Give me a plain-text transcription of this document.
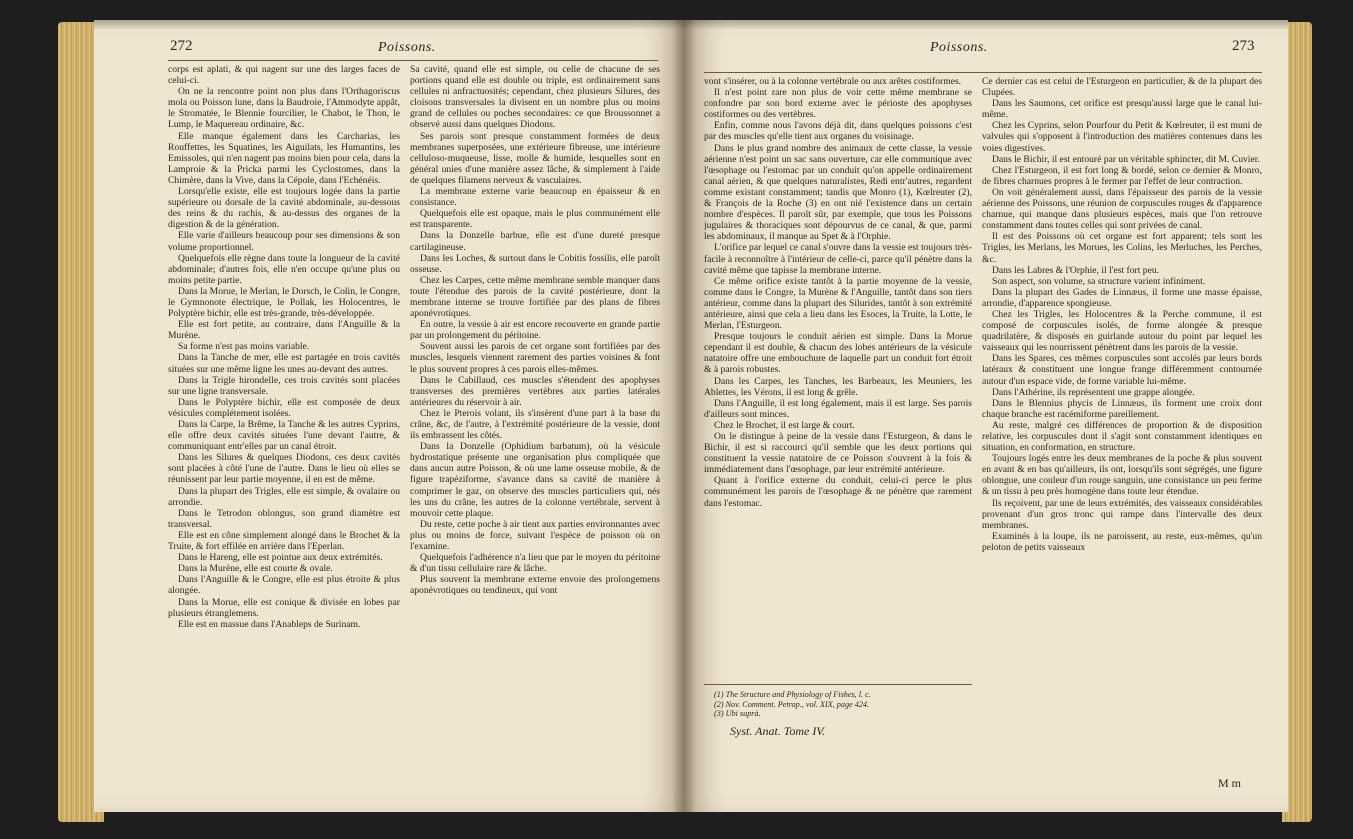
272	Poissons.

corps est aplati, & qui nagent sur une des larges faces de celui-ci.

On ne la rencontre point non plus dans l'Orthagoriscus mola ou Poisson lune, dans la Baudroie, l'Ammodyte appât, le Stromatée, le Blennie fourcilier, le Chabot, le Thon, le Lump, le Maquereau ordinaire, &c.

Elle manque également dans les Carcharias, les Rouffettes, les Squatines, les Aiguilats, les Humantins, les Emissoles, qui n'en nagent pas moins bien pour cela, dans la Lamproie & la Pricka parmi les Cyclostomes, dans la Chimère, dans la Vive, dans la Cépole, dans l'Echénéis.

Lorsqu'elle existe, elle est toujours logée dans la partie supérieure ou dorsale de la cavité abdominale, au-dessous des reins & du rachis, & au-dessus des organes de la digestion & de la génération.

Elle varie d'ailleurs beaucoup pour ses dimensions & son volume proportionnel.

Quelquefois elle règne dans toute la longueur de la cavité abdominale; d'autres fois, elle n'en occupe qu'une plus ou moins petite partie.

Dans la Morue, le Merlan, le Dorsch, le Colin, le Congre, le Gymnonote électrique, le Pollak, les Holocentres, le Polyptère bichir, elle est très-grande, très-développée.

Elle est fort petite, au contraire, dans l'Anguille & la Murène.

Sa forme n'est pas moins variable.

Dans la Tanche de mer, elle est partagée en trois cavités situées sur une même ligne les unes au-devant des autres.

Dans la Trigle hirondelle, ces trois cavités sont placées sur une ligne transversale.

Dans le Polyptère bichir, elle est composée de deux vésicules complétement isolées.

Dans la Carpe, la Brême, la Tanche & les autres Cyprins, elle offre deux cavités situées l'une devant l'autre, & communiquant entr'elles par un canal étroit.

Dans les Silures & quelques Diodons, ces deux cavités sont placées à côté l'une de l'autre. Dans le lieu où elles se réunissent par leur partie moyenne, il en est de même.

Dans la plupart des Trigles, elle est simple, & ovalaire ou arrondie.

Dans le Tetrodon oblongus, son grand diamètre est transversal.

Elle est en cône simplement alongé dans le Brochet & la Truite, & fort effilée en arrière dans l'Eperlan.

Dans le Hareng, elle est pointue aux deux extrémités.

Dans la Murène, elle est courte & ovale.

Dans l'Anguille & le Congre, elle est plus étroite & plus alongée.

Dans la Morue, elle est conique & divisée en lobes par plusieurs étranglemens.

Elle est en massue dans l'Anableps de Surinam.

Sa cavité, quand elle est simple, ou celle de chacune de ses portions quand elle est double ou triple, est ordinairement sans cellules ni anfractuosités; cependant, chez plusieurs Silures, des cloisons transversales la divisent en un nombre plus ou moins grand de cellules ou poches secondaires: ce que Broussonnet a observé aussi dans quelques Diodons.

Ses parois sont presque constamment formées de deux membranes superposées, une extérieure fibreuse, une intérieure celluloso-muqueuse, lisse, molle & humide, lesquelles sont en général unies d'une manière assez lâche, & simplement à l'aide de quelques filamens nerveux & vasculaires.

La membrane externe varie beaucoup en épaisseur & en consistance.

Quelquefois elle est opaque, mais le plus communément elle est transparente.

Dans la Donzelle barbue, elle est d'une dureté presque cartilagineuse.

Dans les Loches, & surtout dans le Cobitis fossilis, elle paroît osseuse.

Chez les Carpes, cette même membrane semble manquer dans toute l'étendue des parois de la cavité postérieure, dont la membrane interne se trouve fortifiée par des plans de fibres aponévrotiques.

En outre, la vessie à air est encore recouverte en grande partie par un prolongement du péritoine.

Souvent aussi les parois de cet organe sont fortifiées par des muscles, lesquels viennent rarement des parties voisines & font le plus souvent propres à ces parois elles-mêmes.

Dans le Cabillaud, ces muscles s'étendent des apophyses transverses des premières vertèbres aux parties latérales antérieures du réservoir à air.

Chez le Pterois volant, ils s'insèrent d'une part à la base du crâne, &c, de l'autre, à l'extrémité postérieure de la vessie, dont ils embrassent les côtés.

Dans la Donzelle (Ophidium barbatum), où la vésicule hydrostatique présente une organisation plus compliquée que dans aucun autre Poisson, & où une lame osseuse mobile, & de figure trapéziforme, s'avance dans sa cavité de manière à comprimer le gaz, on observe des muscles particuliers qui, nés les uns du crâne, les autres de la colonne vertébrale, servent à mouvoir cette plaque.

Du reste, cette poche à air tient aux parties environnantes avec plus ou moins de force, suivant l'espèce de poisson où on l'examine.

Quelquefois l'adhérence n'a lieu que par le moyen du péritoine & d'un tissu cellulaire rare & lâche.

Plus souvent la membrane externe envoie des prolongemens aponévrotiques ou tendineux, qui vont

Poissons.	273

vont s'insérer, ou à la colonne vertébrale ou aux arêtes costiformes.

Il n'est point rare non plus de voir cette même membrane se confondre par son bord externe avec le périoste des apophyses costiformes ou des vertèbres.

Enfin, comme nous l'avons déjà dit, dans quelques poissons c'est par des muscles qu'elle tient aux organes du voisinage.

Dans le plus grand nombre des animaux de cette classe, la vessie aérienne n'est point un sac sans ouverture, car elle communique avec l'œsophage ou l'estomac par un conduit qu'on appelle ordinairement canal aérien, & que quelques naturalistes, Redi entr'autres, regardent comme existant constamment; tandis que Monro (1), Kœlreuter (2), & François de la Roche (3) en ont nié l'existence dans un certain nombre d'espèces. Il paroît sûr, par exemple, que tous les Poissons jugulaires & thoraciques sont dépourvus de ce canal, & que, parmi les abdominaux, il manque au Spet & à l'Orphie.

L'orifice par lequel ce canal s'ouvre dans la vessie est toujours très-facile à reconnoître à l'intérieur de celle-ci, parce qu'il pénètre dans la cavité même que tapisse la membrane interne.

Ce même orifice existe tantôt à la partie moyenne de la vessie, comme dans le Congre, la Murène & l'Anguille, tantôt dans son tiers antérieur, comme dans la plupart des Silurides, tantôt à son extrémité antérieure, ainsi que cela a lieu dans les Esoces, la Truite, la Lotte, le Merlan, l'Esturgeon.

Presque toujours le conduit aérien est simple. Dans la Morue cependant il est double, & chacun des lobes antérieurs de la vésicule natatoire offre une embouchure de laquelle part un conduit fort étroit & à parois robustes.

Dans les Carpes, les Tanches, les Barbeaux, les Meuniers, les Ablettes, les Vérons, il est long & grêle.

Dans l'Anguille, il est long également, mais il est large. Ses parois d'ailleurs sont minces.

Chez le Brochet, il est large & court.

On le distingue à peine de la vessie dans l'Esturgeon, & dans le Bichir, il est si raccourci qu'il semble que les deux portions qui constituent la vessie natatoire de ce Poisson s'ouvrent à la fois & immédiatement dans l'œsophage, par leur extrémité antérieure.

Quant à l'orifice externe du conduit, celui-ci perce le plus communément les parois de l'œsophage & ne pénètre que rarement dans l'estomac.

Ce dernier cas est celui de l'Esturgeon en particulier, & de la plupart des Clupées.

Dans les Saumons, cet orifice est presqu'aussi large que le canal lui-même.

Chez les Cyprins, selon Pourfour du Petit & Kœlreuter, il est muni de valvules qui s'opposent à l'introduction des matières contenues dans les voies digestives.

Dans le Bichir, il est entouré par un véritable sphincter, dit M. Cuvier.

Chez l'Esturgeon, il est fort long & bordé, selon ce dernier & Monro, de fibres charnues propres à le fermer par l'effet de leur contraction.

On voit généralement aussi, dans l'épaisseur des parois de la vessie aérienne des Poissons, une réunion de corpuscules rouges & d'apparence charnue, qui manque dans plusieurs espèces, mais que l'on retrouve constamment dans toutes celles qui sont privées de canal.

Il est des Poissons où cet organe est fort apparent; tels sont les Trigles, les Merlans, les Morues, les Colins, les Merluches, les Perches, &c.

Dans les Labres & l'Orphie, il l'est fort peu.

Son aspect, son volume, sa structure varient infiniment.

Dans la plupart des Gades de Linnæus, il forme une masse épaisse, arrondie, d'apparence spongieuse.

Chez les Trigles, les Holocentres & la Perche commune, il est composé de corpuscules isolés, de forme alongée & presque quadrilatère, & disposés en guirlande autour du point par lequel les vaisseaux qui les nourrissent pénètrent dans les parois de la vessie.

Dans les Spares, ces mêmes corpuscules sont accolés par leurs bords latéraux & constituent une longue frange différemment contournée autour d'un espace vide, de forme variable lui-même.

Dans l'Athérine, ils représentent une grappe alongée.

Dans le Blennius phycis de Linnæus, ils forment une croix dont chaque branche est racémiforme pareillement.

Au reste, malgré ces différences de proportion & de disposition relative, les corpuscules dont il s'agit sont constamment identiques en situation, en conformation, en structure.

Toujours logés entre les deux membranes de la poche & plus souvent en avant & en bas qu'ailleurs, ils ont, lorsqu'ils sont ségrégés, une figure oblongue, une couleur d'un rouge sanguin, une consistance un peu ferme & un tissu à peu près homogène dans toute leur étendue.

Ils reçoivent, par une de leurs extrémités, des vaisseaux considérables provenant d'un gros tronc qui rampe dans l'intervalle des deux membranes.

Examinés à la loupe, ils ne paroissent, au reste, eux-mêmes, qu'un peloton de petits vaisseaux

(1) The Structure and Physiology of Fishes, l. c.
(2) Nov. Comment. Petrop., vol. XIX, page 424.
(3) Ubi suprà.
Syst. Anat. Tome IV.
M m
